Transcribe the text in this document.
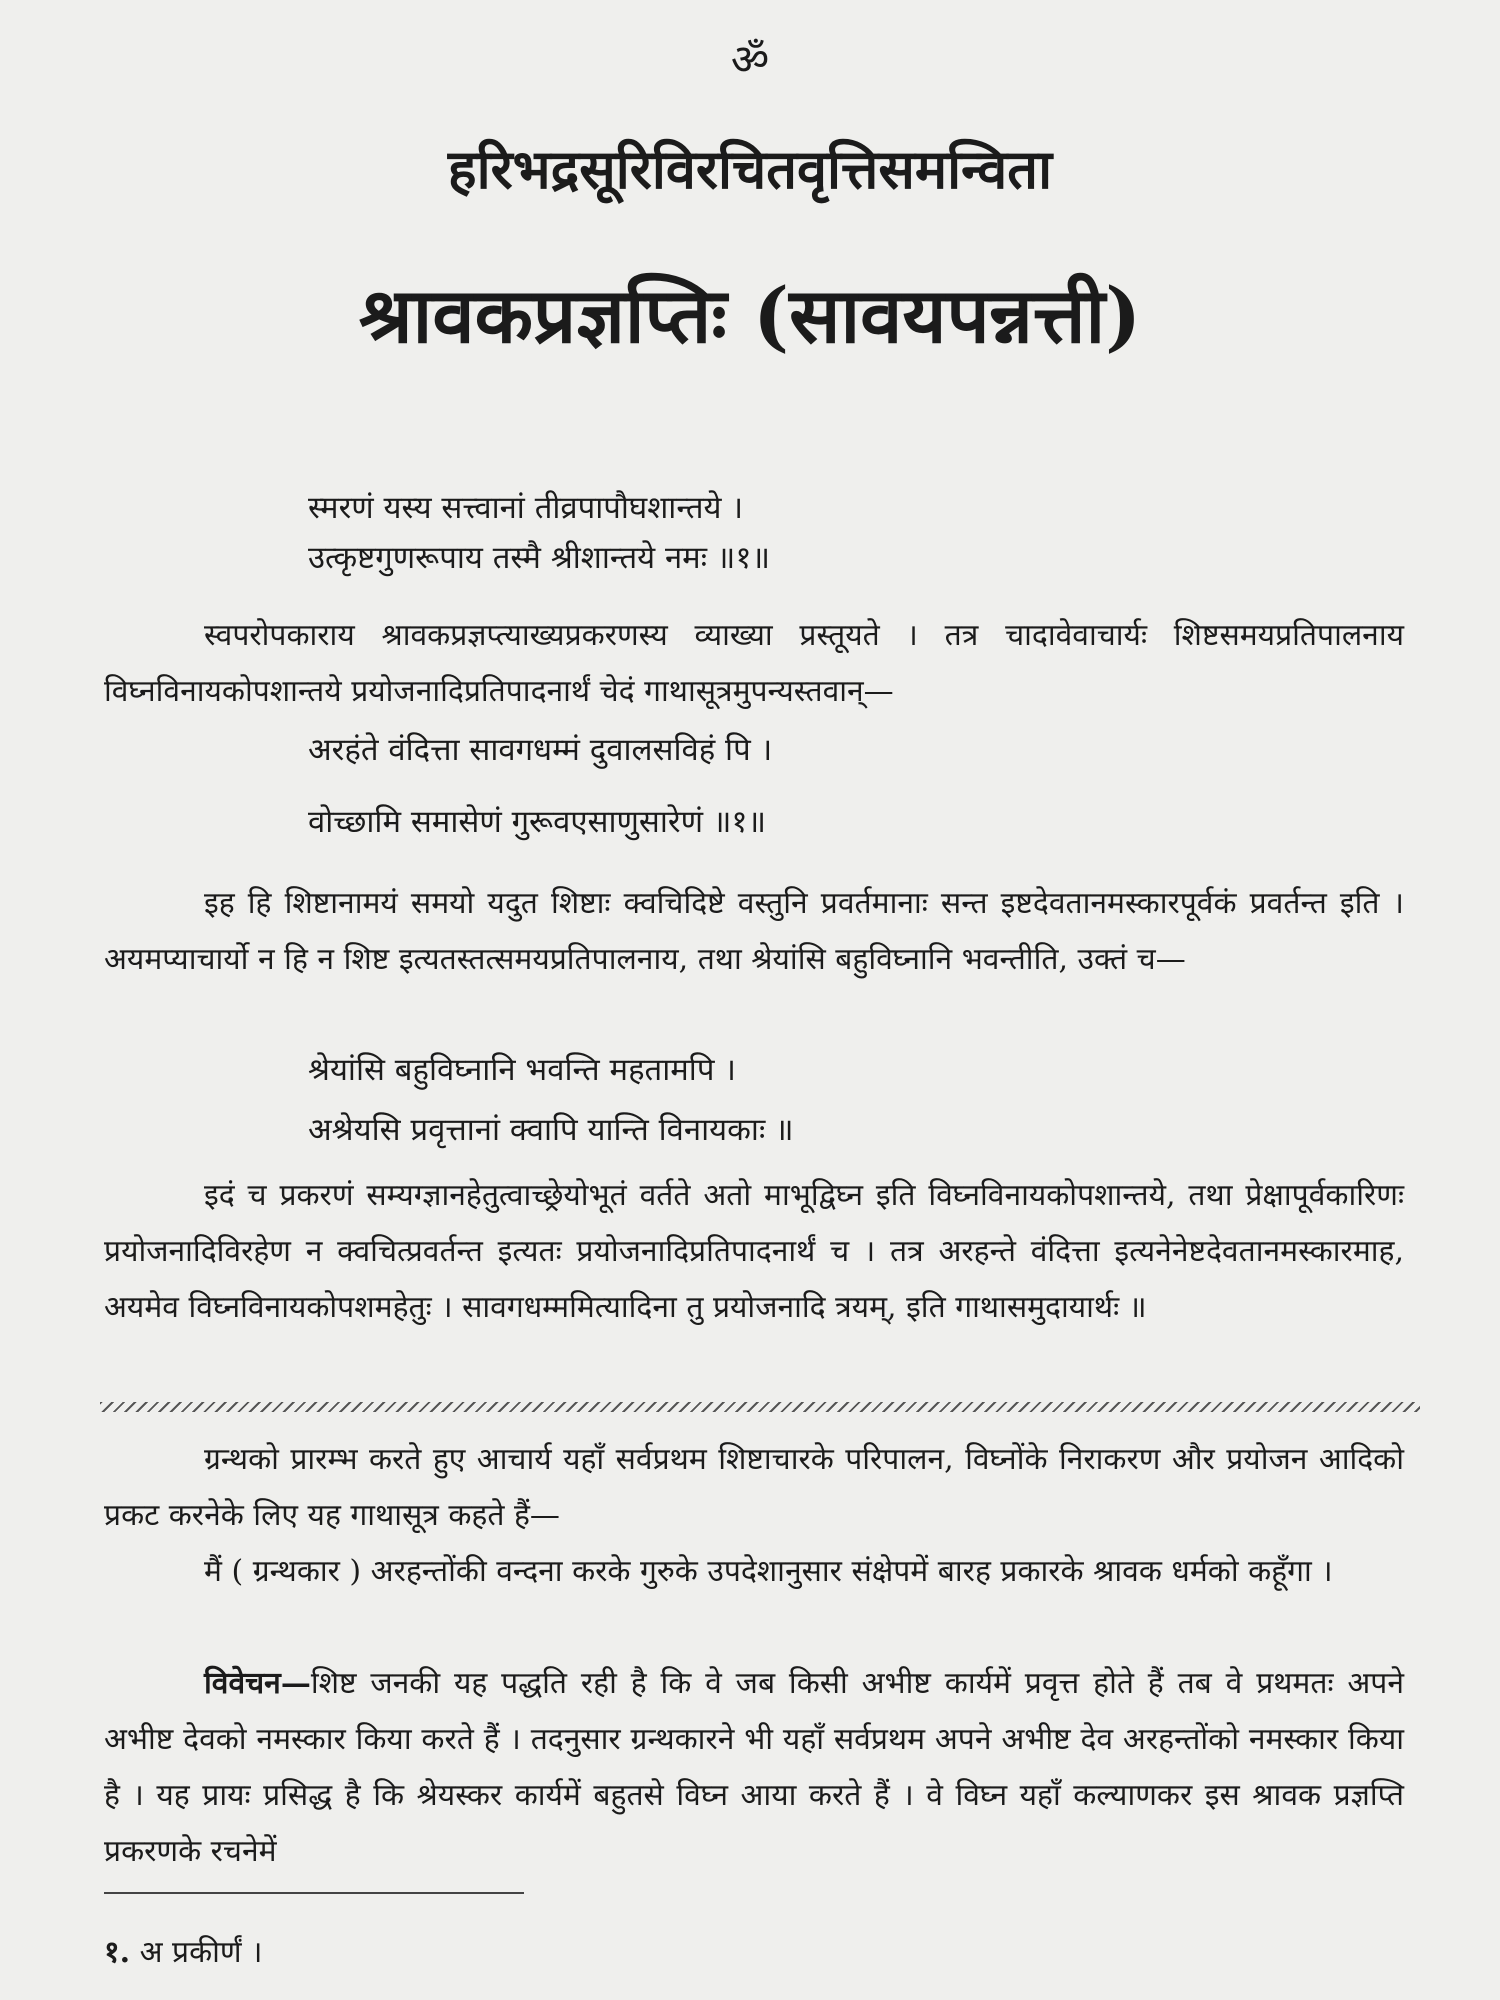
ॐ
हरिभद्रसूरिविरचितवृत्तिसमन्विता
श्रावकप्रज्ञप्तिः (सावयपन्नत्ती)
स्मरणं यस्य सत्त्वानां तीव्रपापौघशान्तये ।
उत्कृष्टगुणरूपाय तस्मै श्रीशान्तये नमः ॥१॥
स्वपरोपकाराय श्रावकप्रज्ञप्त्याख्यप्रकरणस्य व्याख्या प्रस्तूयते । तत्र चादावेवाचार्यः शिष्टसमयप्रतिपालनाय विघ्नविनायकोपशान्तये प्रयोजनादिप्रतिपादनार्थं चेदं गाथासूत्रमुपन्यस्तवान्—
अरहंते वंदित्ता सावगधम्मं दुवालसविहं पि ।
वोच्छामि समासेणं गुरूवएसाणुसारेणं ॥१॥
इह हि शिष्टानामयं समयो यदुत शिष्टाः क्वचिदिष्टे वस्तुनि प्रवर्तमानाः सन्त इष्टदेवतानमस्कारपूर्वकं प्रवर्तन्त इति । अयमप्याचार्यो न हि न शिष्ट इत्यतस्तत्समयप्रतिपालनाय, तथा श्रेयांसि बहुविघ्नानि भवन्तीति, उक्तं च—
श्रेयांसि बहुविघ्नानि भवन्ति महतामपि ।
अश्रेयसि प्रवृत्तानां क्वापि यान्ति विनायकाः ॥
इदं च प्रकरणं सम्यग्ज्ञानहेतुत्वाच्छ्रेयोभूतं वर्तते अतो माभूद्विघ्न इति विघ्नविनायकोपशान्तये, तथा प्रेक्षापूर्वकारिणः प्रयोजनादिविरहेण न क्वचित्प्रवर्तन्त इत्यतः प्रयोजनादिप्रतिपादनार्थं च । तत्र अरहन्ते वंदित्ता इत्यनेनेष्टदेवतानमस्कारमाह, अयमेव विघ्नविनायकोपशमहेतुः । सावगधम्ममित्यादिना तु प्रयोजनादि त्रयम्, इति गाथासमुदायार्थः ॥
ग्रन्थको प्रारम्भ करते हुए आचार्य यहाँ सर्वप्रथम शिष्टाचारके परिपालन, विघ्नोंके निराकरण और प्रयोजन आदिको प्रकट करनेके लिए यह गाथासूत्र कहते हैं—
मैं ( ग्रन्थकार ) अरहन्तोंकी वन्दना करके गुरुके उपदेशानुसार संक्षेपमें बारह प्रकारके श्रावक धर्मको कहूँगा ।
विवेचन—शिष्ट जनकी यह पद्धति रही है कि वे जब किसी अभीष्ट कार्यमें प्रवृत्त होते हैं तब वे प्रथमतः अपने अभीष्ट देवको नमस्कार किया करते हैं । तदनुसार ग्रन्थकारने भी यहाँ सर्वप्रथम अपने अभीष्ट देव अरहन्तोंको नमस्कार किया है । यह प्रायः प्रसिद्ध है कि श्रेयस्कर कार्यमें बहुतसे विघ्न आया करते हैं । वे विघ्न यहाँ कल्याणकर इस श्रावक प्रज्ञप्ति प्रकरणके रचनेमें
१. अ प्रकीर्णं ।
